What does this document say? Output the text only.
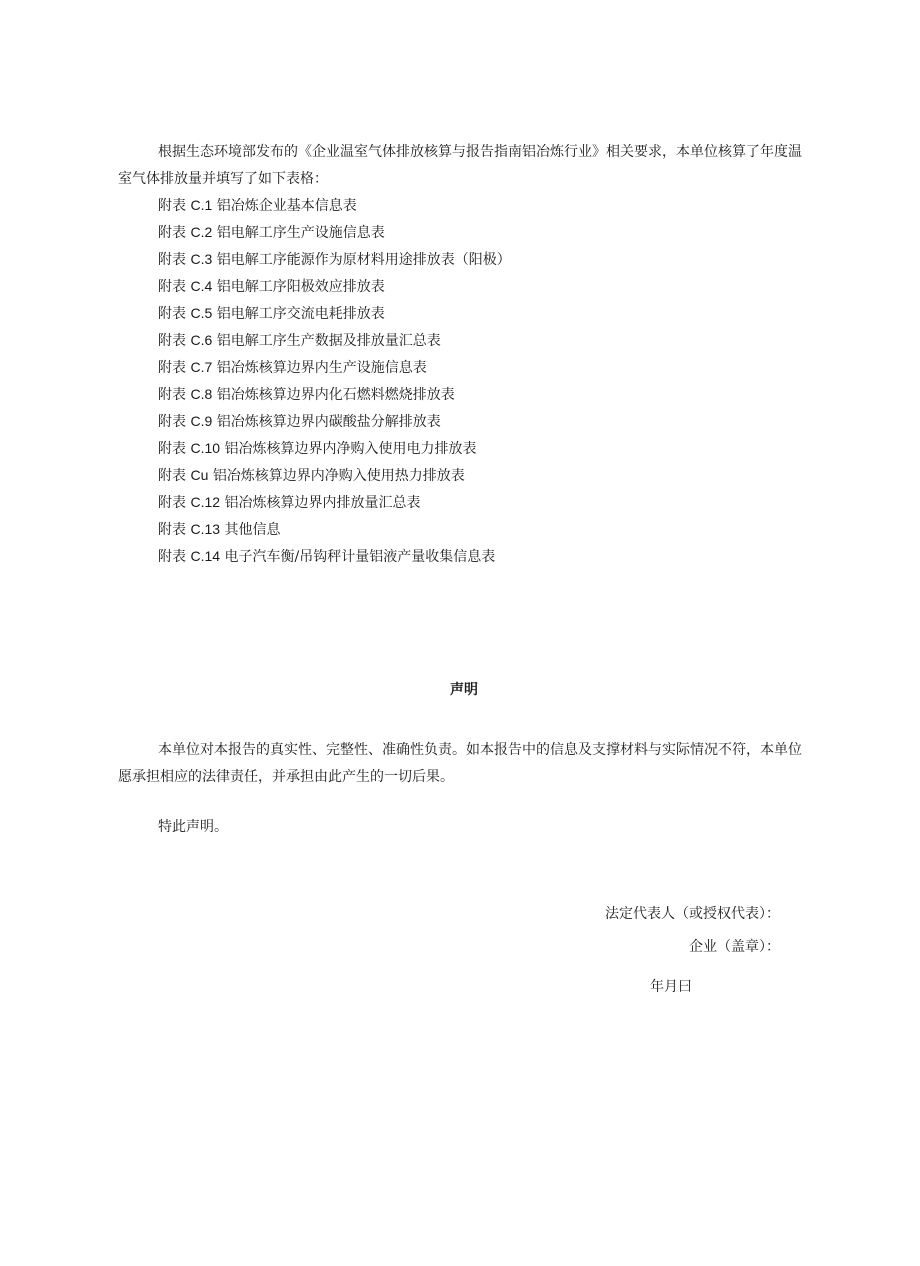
根据生态环境部发布的《企业温室气体排放核算与报告指南铝冶炼行业》相关要求，本单位核算了年度温室气体排放量并填写了如下表格：

附表 C.1 铝冶炼企业基本信息表
附表 C.2 铝电解工序生产设施信息表
附表 C.3 铝电解工序能源作为原材料用途排放表（阳极）
附表 C.4 铝电解工序阳极效应排放表
附表 C.5 铝电解工序交流电耗排放表
附表 C.6 铝电解工序生产数据及排放量汇总表
附表 C.7 铝冶炼核算边界内生产设施信息表
附表 C.8 铝冶炼核算边界内化石燃料燃烧排放表
附表 C.9 铝冶炼核算边界内碳酸盐分解排放表
附表 C.10 铝冶炼核算边界内净购入使用电力排放表
附表 Cu 铝冶炼核算边界内净购入使用热力排放表
附表 C.12 铝冶炼核算边界内排放量汇总表
附表 C.13 其他信息
附表 C.14 电子汽车衡/吊钩秤计量铝液产量收集信息表
声明

本单位对本报告的真实性、完整性、准确性负责。如本报告中的信息及支撑材料与实际情况不符，本单位愿承担相应的法律责任，并承担由此产生的一切后果。

特此声明。

法定代表人（或授权代表）：

企业（盖章）：

年月曰
